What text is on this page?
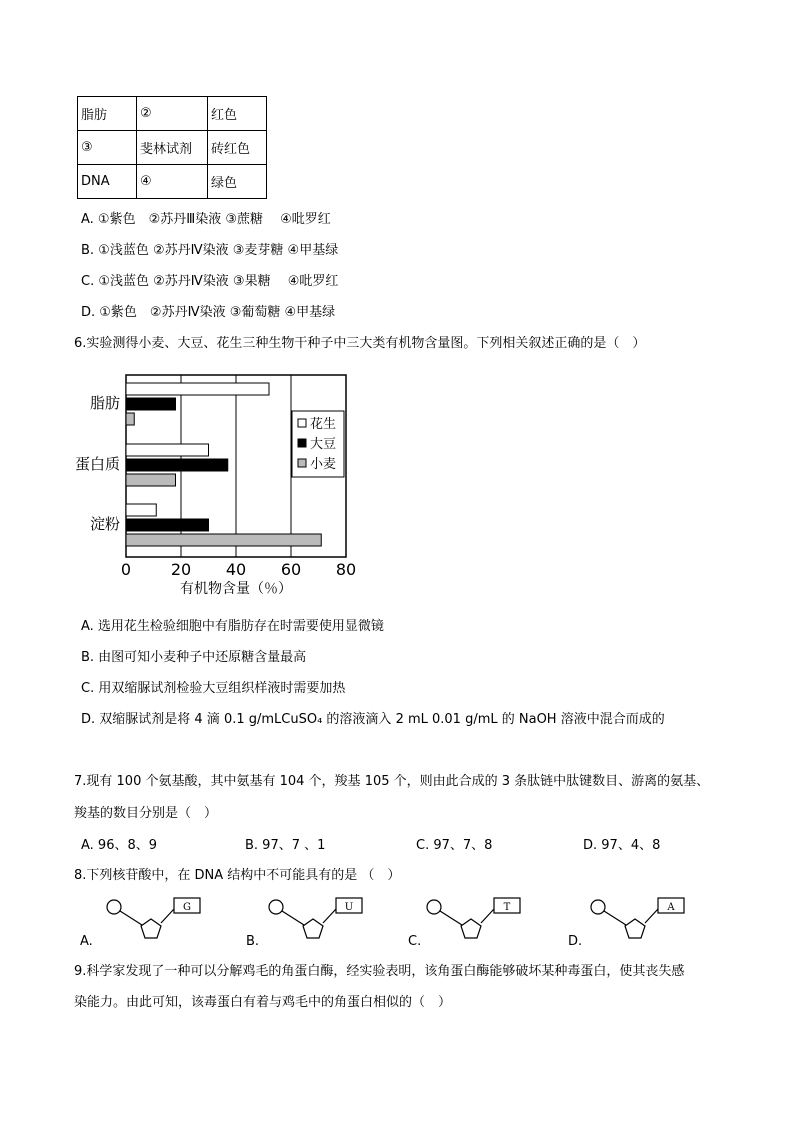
脂肪	②	红色
③	斐林试剂	砖红色
DNA	④	绿色
A. ①紫色　②苏丹Ⅲ染液 ③蔗糖　 ④吡罗红
B. ①浅蓝色 ②苏丹Ⅳ染液 ③麦芽糖 ④甲基绿
C. ①浅蓝色 ②苏丹Ⅳ染液 ③果糖　 ④吡罗红
D. ①紫色　②苏丹Ⅳ染液 ③葡萄糖 ④甲基绿
6.实验测得小麦、大豆、花生三种生物干种子中三大类有机物含量图。下列相关叙述正确的是（　）
脂肪
蛋白质
淀粉
0 20 40 60 80
有机物含量（％）
花生
大豆
小麦
A. 选用花生检验细胞中有脂肪存在时需要使用显微镜
B. 由图可知小麦种子中还原糖含量最高
C. 用双缩脲试剂检验大豆组织样液时需要加热
D. 双缩脲试剂是将 4 滴 0.1 g/mLCuSO₄ 的溶液滴入 2 mL 0.01 g/mL 的 NaOH 溶液中混合而成的
7.现有 100 个氨基酸，其中氨基有 104 个，羧基 105 个，则由此合成的 3 条肽链中肽键数目、游离的氨基、
羧基的数目分别是（　）
A. 96、8、9	B. 97、7 、1	C. 97、7、8	D. 97、4、8
8.下列核苷酸中，在 DNA 结构中不可能具有的是 （　）
A.
G
B.
U
C.
T
D.
A
9.科学家发现了一种可以分解鸡毛的角蛋白酶，经实验表明，该角蛋白酶能够破坏某种毒蛋白，使其丧失感
染能力。由此可知，该毒蛋白有着与鸡毛中的角蛋白相似的（　）
